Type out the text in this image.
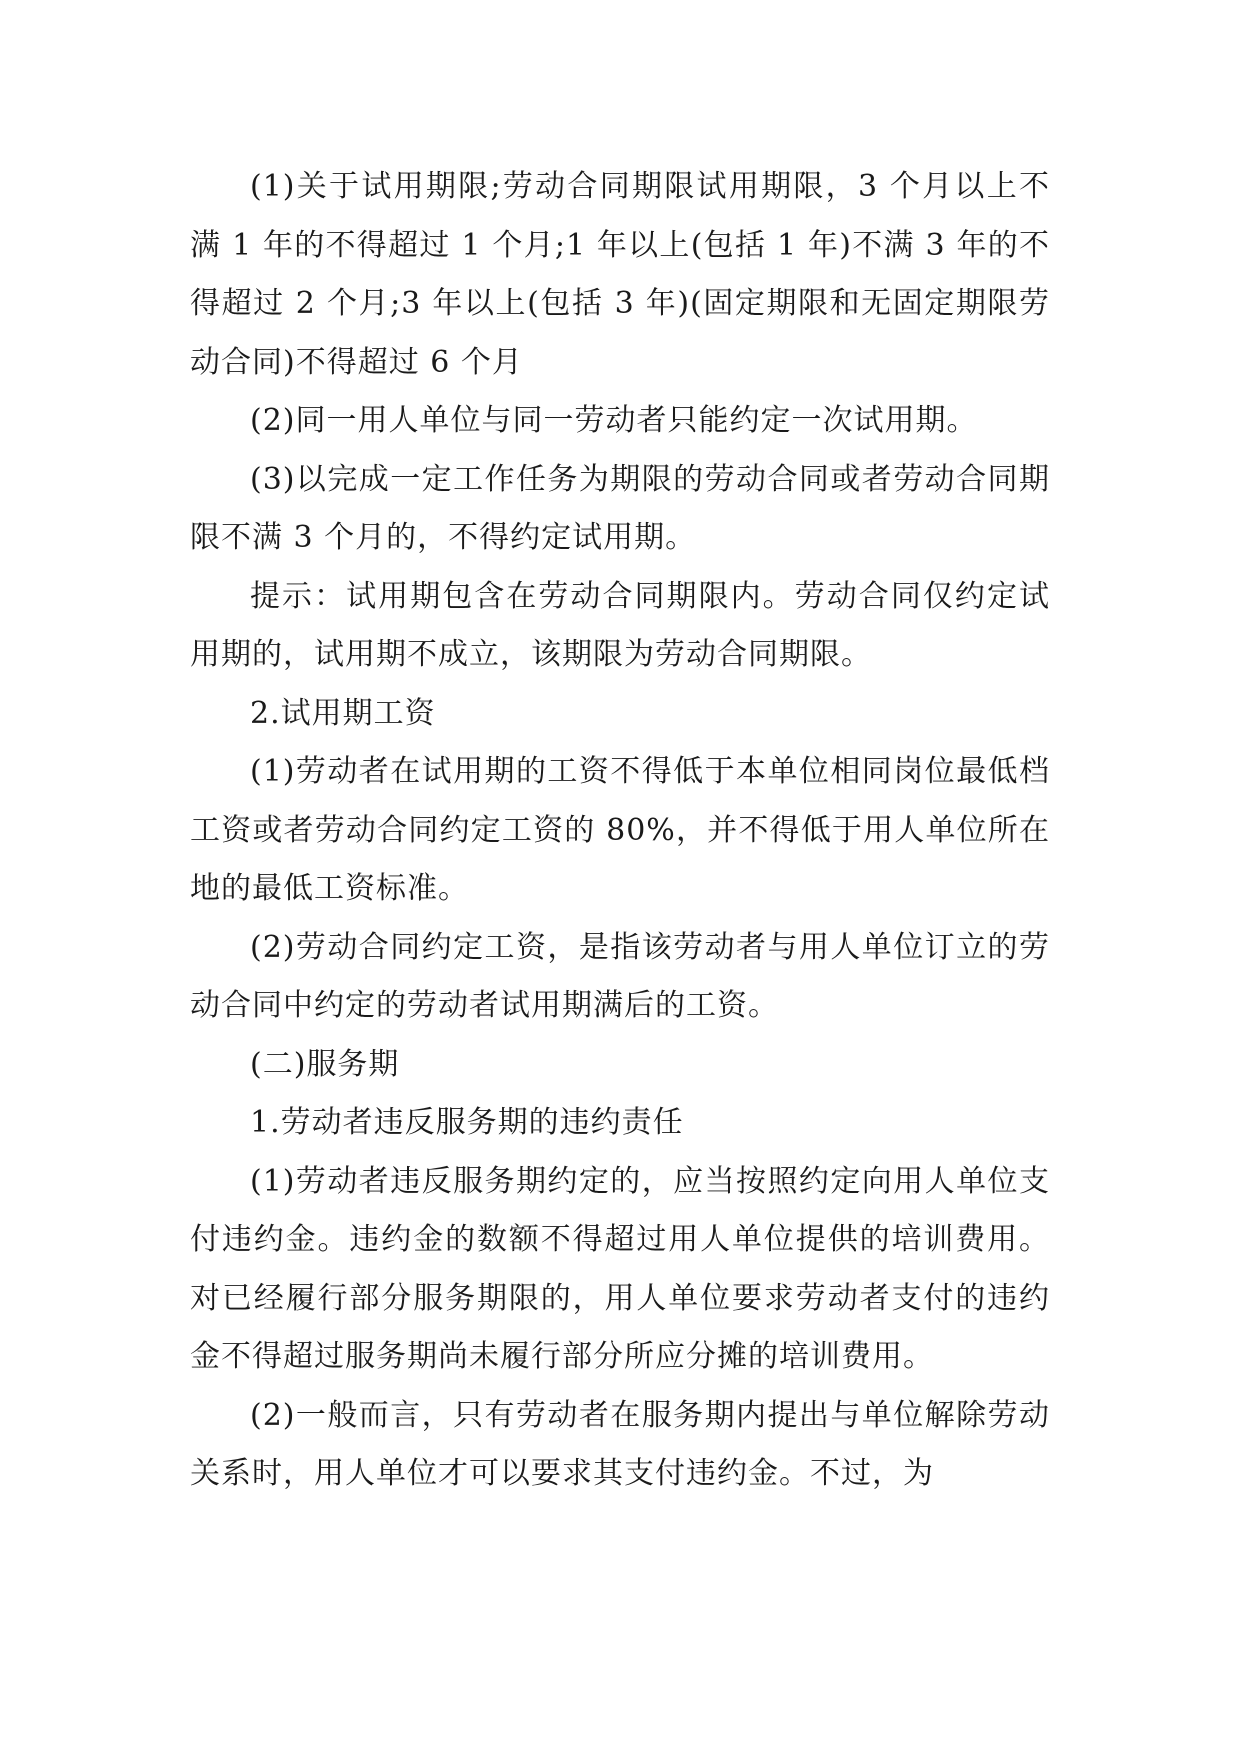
(1)关于试用期限;劳动合同期限试用期限，3 个月以上不满 1 年的不得超过 1 个月;1 年以上(包括 1 年)不满 3 年的不得超过 2 个月;3 年以上(包括 3 年)(固定期限和无固定期限劳动合同)不得超过 6 个月

(2)同一用人单位与同一劳动者只能约定一次试用期。

(3)以完成一定工作任务为期限的劳动合同或者劳动合同期限不满 3 个月的，不得约定试用期。

提示：试用期包含在劳动合同期限内。劳动合同仅约定试用期的，试用期不成立，该期限为劳动合同期限。

2.试用期工资

(1)劳动者在试用期的工资不得低于本单位相同岗位最低档工资或者劳动合同约定工资的 80%，并不得低于用人单位所在地的最低工资标准。

(2)劳动合同约定工资，是指该劳动者与用人单位订立的劳动合同中约定的劳动者试用期满后的工资。

(二)服务期

1.劳动者违反服务期的违约责任

(1)劳动者违反服务期约定的，应当按照约定向用人单位支付违约金。违约金的数额不得超过用人单位提供的培训费用。对已经履行部分服务期限的，用人单位要求劳动者支付的违约金不得超过服务期尚未履行部分所应分摊的培训费用。

(2)一般而言，只有劳动者在服务期内提出与单位解除劳动关系时，用人单位才可以要求其支付违约金。不过，为
